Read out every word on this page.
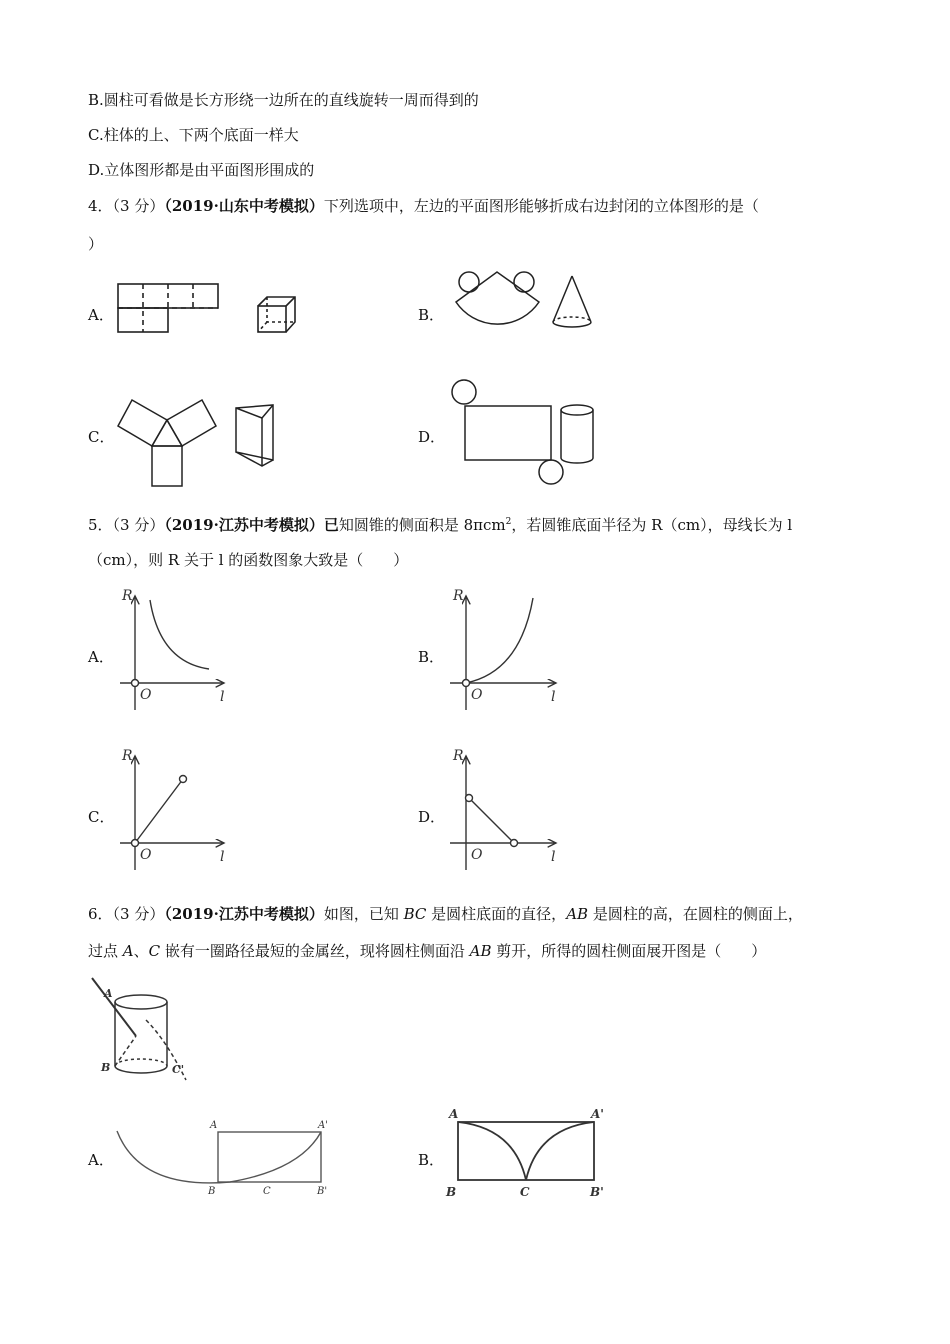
B.圆柱可看做是长方形绕一边所在的直线旋转一周而得到的
C.柱体的上、下两个底面一样大
D.立体图形都是由平面图形围成的
4．（3 分）（2019·山东中考模拟）下列选项中，左边的平面图形能够折成右边封闭的立体图形的是（
）
A．	B．
C．	D．
5．（3 分）（2019·江苏中考模拟）已知圆锥的侧面积是 8πcm$^2$，若圆锥底面半径为 R（cm），母线长为 l
（cm），则 R 关于 l 的函数图象大致是（　　）
A．	B．
C．	D．
R
O	l
R
O	l
R
O	l
R
O	l
6．（3 分）（2019·江苏中考模拟）如图，已知 BC 是圆柱底面的直径，AB 是圆柱的高，在圆柱的侧面上，
过点 A、C 嵌有一圈路径最短的金属丝，现将圆柱侧面沿 AB 剪开，所得的圆柱侧面展开图是（　　）
A
B	C'
A．
A	A'
B	C	B'
B．
A	A'
B	C	B'
